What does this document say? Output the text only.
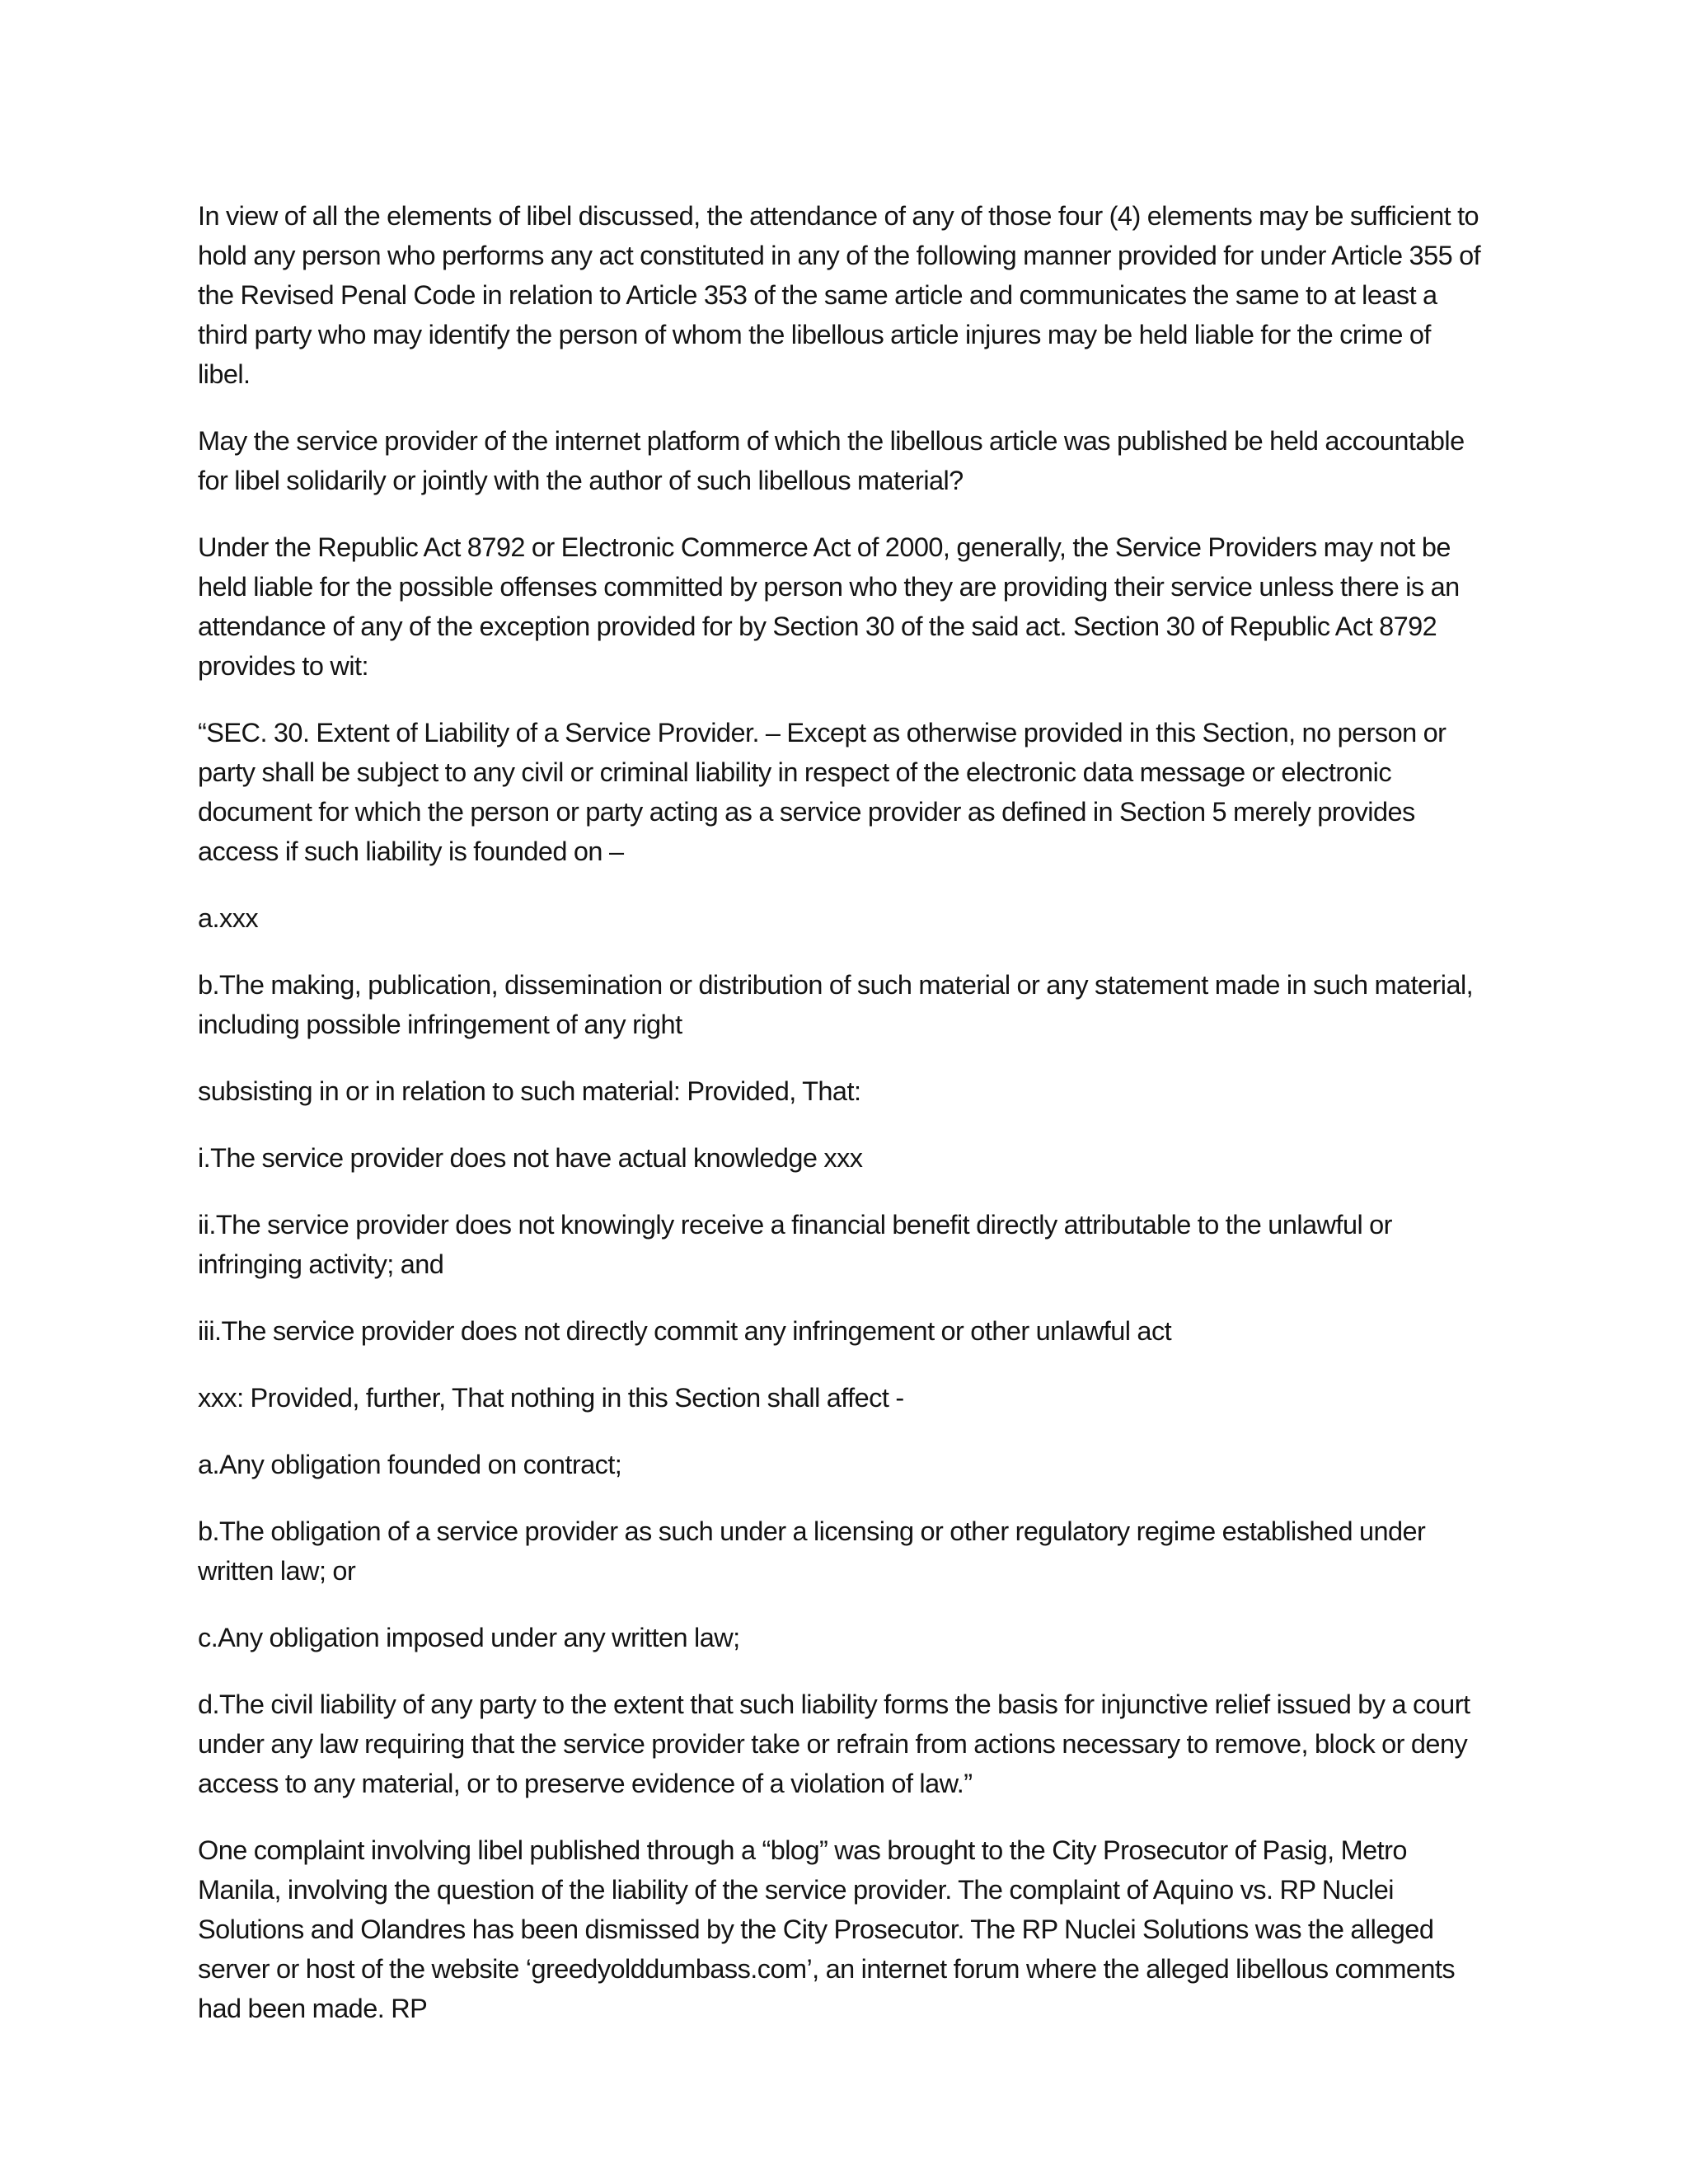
In view of all the elements of libel discussed, the attendance of any of those four (4) elements may be sufficient to hold any person who performs any act constituted in any of the following manner provided for under Article 355 of the Revised Penal Code in relation to Article 353 of the same article and communicates the same to at least a third party who may identify the person of whom the libellous article injures may be held liable for the crime of libel.

May the service provider of the internet platform of which the libellous article was published be held accountable for libel solidarily or jointly with the author of such libellous material?

Under the Republic Act 8792 or Electronic Commerce Act of 2000, generally, the Service Providers may not be held liable for the possible offenses committed by person who they are providing their service unless there is an attendance of any of the exception provided for by Section 30 of the said act. Section 30 of Republic Act 8792 provides to wit:

“SEC. 30. Extent of Liability of a Service Provider. – Except as otherwise provided in this Section, no person or party shall be subject to any civil or criminal liability in respect of the electronic data message or electronic document for which the person or party acting as a service provider as defined in Section 5 merely provides access if such liability is founded on –

a.xxx

b.The making, publication, dissemination or distribution of such material or any statement made in such material, including possible infringement of any right

subsisting in or in relation to such material: Provided, That:

i.The service provider does not have actual knowledge xxx

ii.The service provider does not knowingly receive a financial benefit directly attributable to the unlawful or infringing activity; and

iii.The service provider does not directly commit any infringement or other unlawful act

xxx: Provided, further, That nothing in this Section shall affect -

a.Any obligation founded on contract;

b.The obligation of a service provider as such under a licensing or other regulatory regime established under written law; or

c.Any obligation imposed under any written law;

d.The civil liability of any party to the extent that such liability forms the basis for injunctive relief issued by a court under any law requiring that the service provider take or refrain from actions necessary to remove, block or deny access to any material, or to preserve evidence of a violation of law.”

One complaint involving libel published through a “blog” was brought to the City Prosecutor of Pasig, Metro Manila, involving the question of the liability of the service provider. The complaint of Aquino vs. RP Nuclei Solutions and Olandres has been dismissed by the City Prosecutor. The RP Nuclei Solutions was the alleged server or host of the website ‘greedyolddumbass.com’, an internet forum where the alleged libellous comments had been made. RP
